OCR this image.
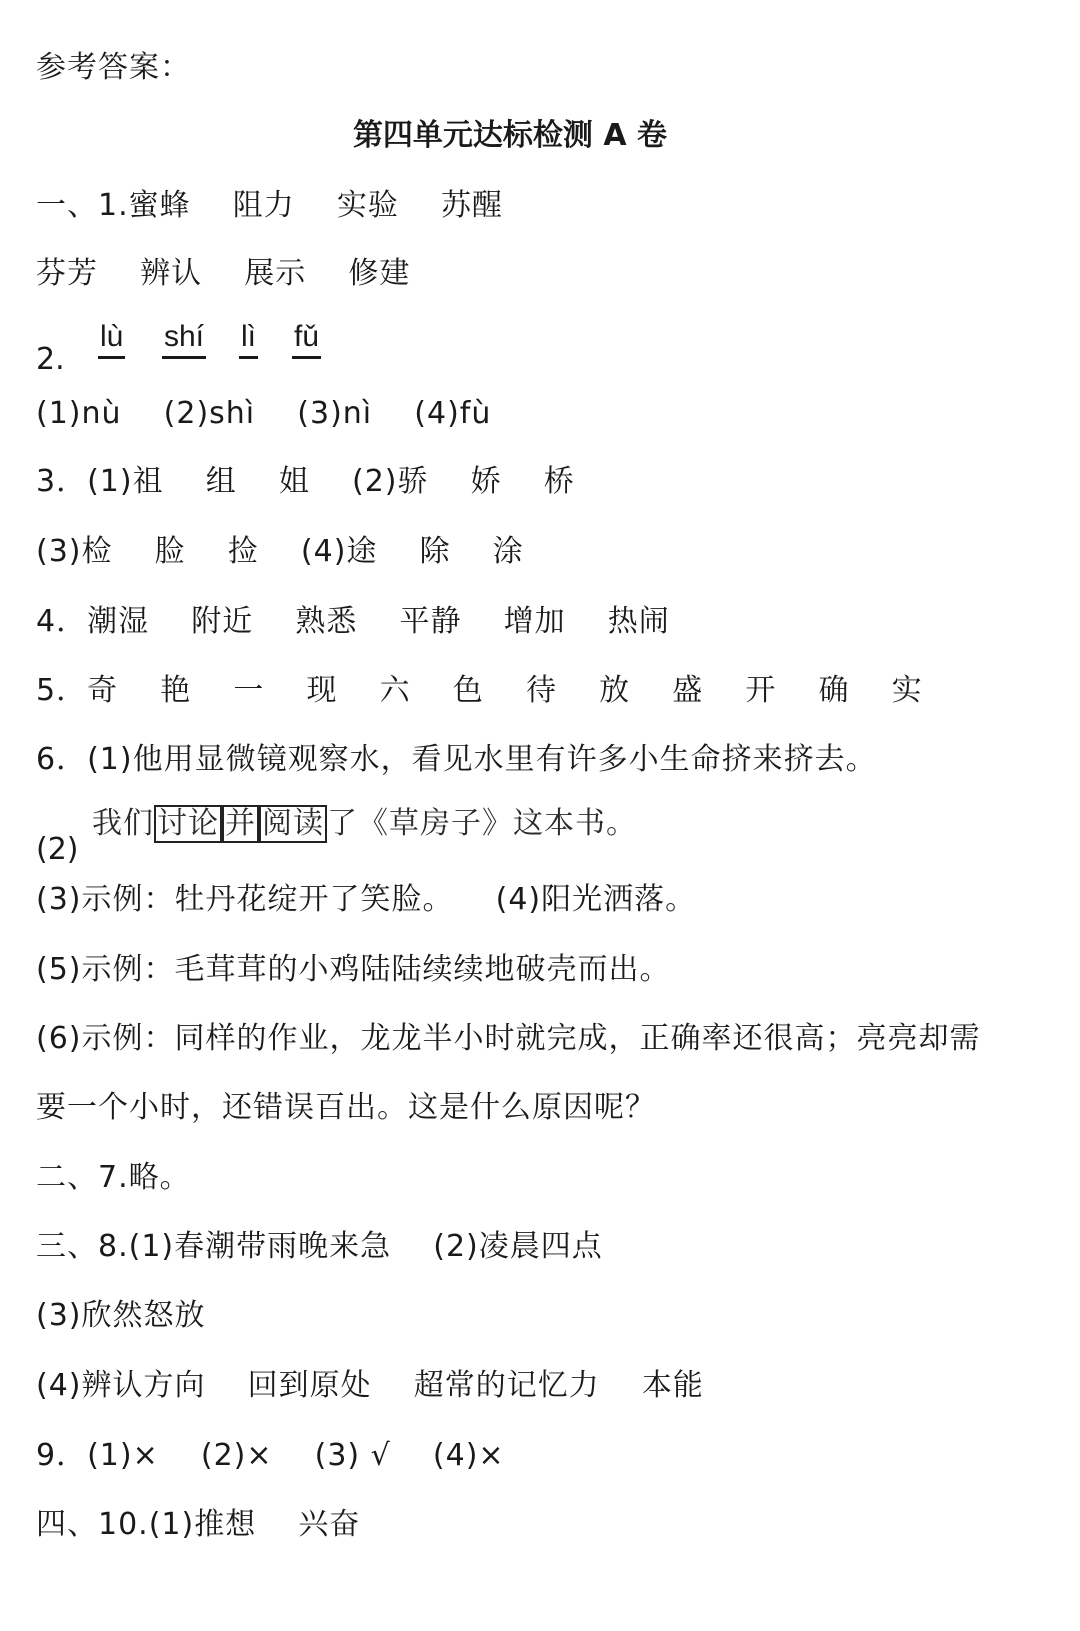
参考答案：
第四单元达标检测 A 卷
一、1.蜜蜂    阻力    实验    苏醒
芬芳    辨认    展示    修建
2.
lù shí lì fǔ
(1)nù    (2)shì    (3)nì    (4)fù
3．(1)祖    组    姐    (2)骄    娇    桥
(3)检    脸    捡    (4)途    除    涂
4．潮湿    附近    熟悉    平静    增加    热闹
5．奇    艳    一    现    六    色    待    放    盛    开    确    实
6．(1)他用显微镜观察水，看见水里有许多小生命挤来挤去。
(2)
我们 讨论 并 阅读 了《草房子》这本书。
(3)示例：牡丹花绽开了笑脸。    (4)阳光洒落。
(5)示例：毛茸茸的小鸡陆陆续续地破壳而出。
(6)示例：同样的作业，龙龙半小时就完成，正确率还很高；亮亮却需
要一个小时，还错误百出。这是什么原因呢？
二、7.略。
三、8.(1)春潮带雨晚来急    (2)凌晨四点
(3)欣然怒放
(4)辨认方向    回到原处    超常的记忆力    本能
9．(1)×    (2)×    (3) √    (4)×
四、10.(1)推想    兴奋
